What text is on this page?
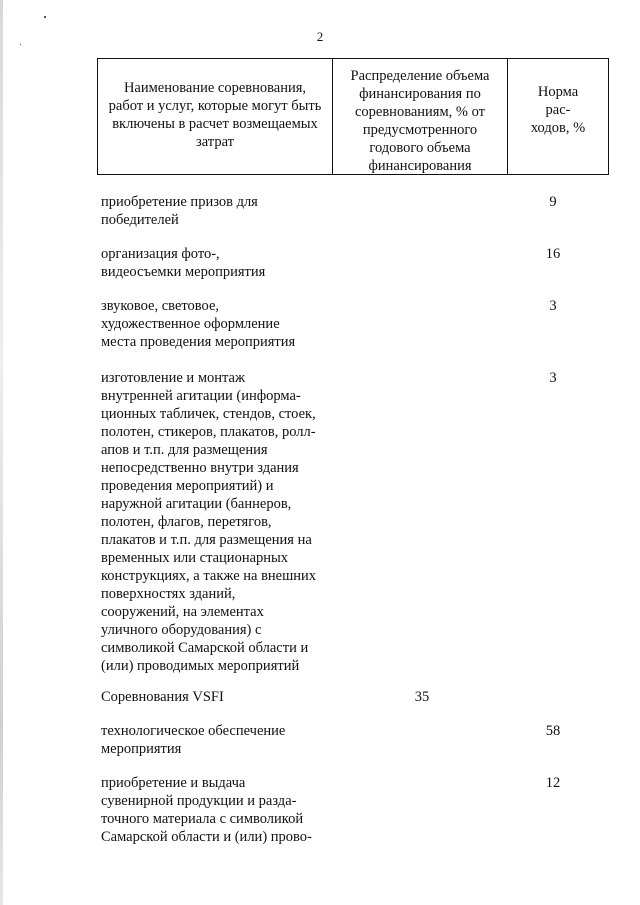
2
Наименование соревнования,
работ и услуг, которые могут быть
включены в расчет возмещаемых
затрат
Распределение объема
финансирования по
соревнованиям, % от
предусмотренного
годового объема
финансирования
Норма
рас-
ходов, %
приобретение призов для
победителей
9
организация фото-,
видеосъемки мероприятия
16
звуковое, световое,
художественное оформление
места проведения мероприятия
3
изготовление и монтаж
внутренней агитации (информа-
ционных табличек, стендов, стоек,
полотен, стикеров, плакатов, ролл-
апов и т.п. для размещения
непосредственно внутри здания
проведения мероприятий) и
наружной агитации (баннеров,
полотен, флагов, перетягов,
плакатов и т.п. для размещения на
временных или стационарных
конструкциях, а также на внешних
поверхностях зданий,
сооружений, на элементах
уличного оборудования) с
символикой Самарской области и
(или) проводимых мероприятий
3
Соревнования VSFI	35
технологическое обеспечение
мероприятия
58
приобретение и выдача
сувенирной продукции и разда-
точного материала с символикой
Самарской области и (или) прово-
12
